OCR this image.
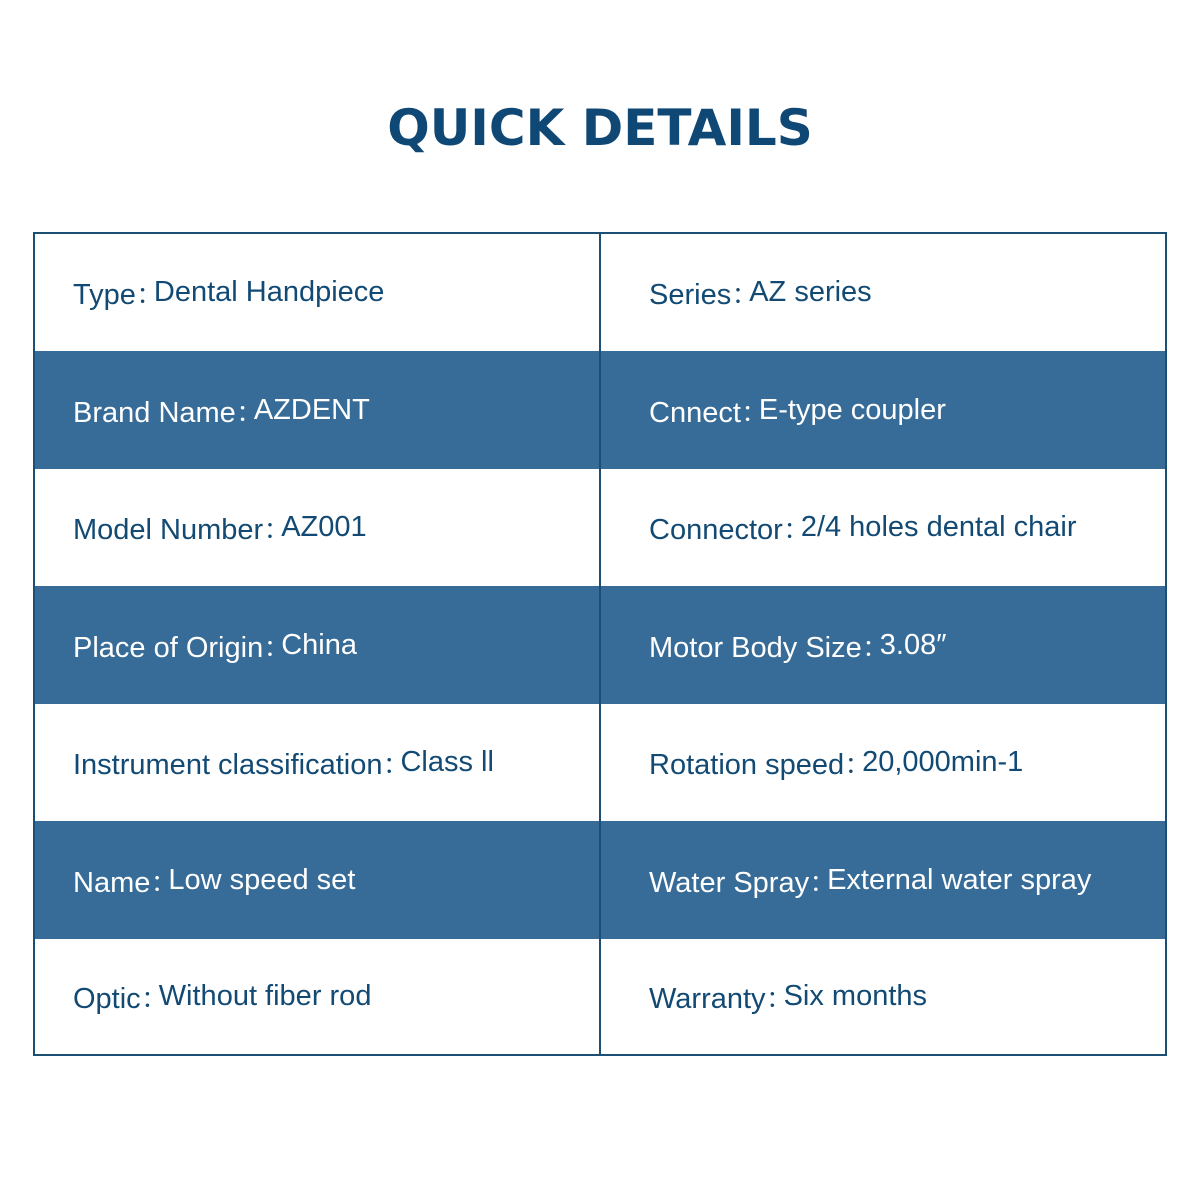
QUICK DETAILS
Type ： Dental Handpiece	Series ： AZ series
Brand Name ： AZDENT	Cnnect ： E-type coupler
Model Number ： AZ001	Connector ： 2/4 holes dental chair
Place of Origin ： China	Motor Body Size ： 3.08″
Instrument classification ： Class ll	Rotation speed ： 20,000min-1
Name ： Low speed set	Water Spray ： External water spray
Optic ： Without fiber rod	Warranty ： Six months
